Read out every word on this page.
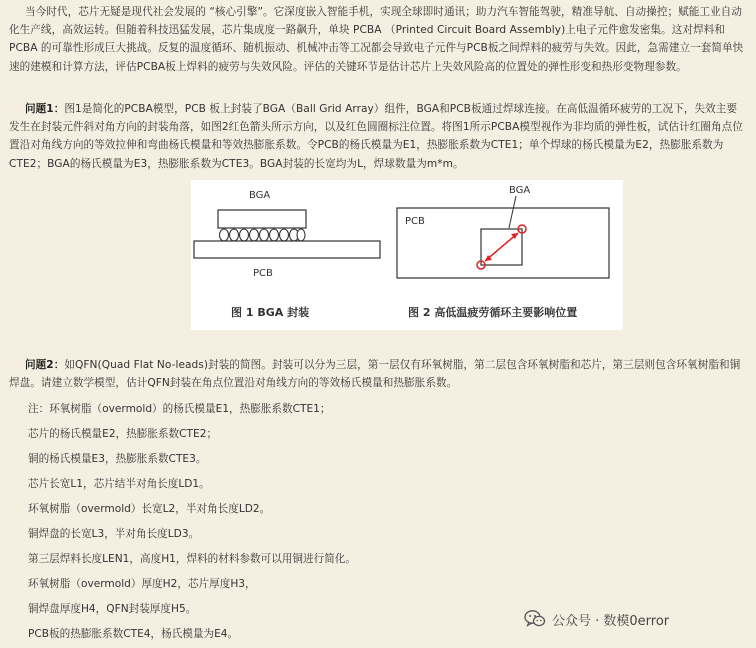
当今时代，芯片无疑是现代社会发展的 “核心引擎”。它深度嵌入智能手机，实现全球即时通讯；助力汽车智能驾驶，精准导航、自动操控；赋能工业自动化生产线，高效运转。但随着科技迅猛发展，芯片集成度一路飙升，单块 PCBA （Printed Circuit Board Assembly)上电子元件愈发密集。这对焊料和 PCBA 的可靠性形成巨大挑战。反复的温度循环、随机振动、机械冲击等工况都会导致电子元件与PCB板之间焊料的疲劳与失效。因此，急需建立一套简单快速的建模和计算方法，评估PCBA板上焊料的疲劳与失效风险。评估的关键环节是估计芯片上失效风险高的位置处的弹性形变和热形变物理参数。

问题1：图1是简化的PCBA模型，PCB 板上封装了BGA（Ball Grid Array）组件，BGA和PCB板通过焊球连接。在高低温循环疲劳的工况下，失效主要发生在封装元件斜对角方向的封装角落，如图2红色箭头所示方向，以及红色圆圈标注位置。将图1所示PCBA模型视作为非均质的弹性板，试估计红圈角点位置沿对角线方向的等效拉伸和弯曲杨氏模量和等效热膨胀系数。令PCB的杨氏模量为E1，热膨胀系数为CTE1；单个焊球的杨氏模量为E2，热膨胀系数为CTE2；BGA的杨氏模量为E3，热膨胀系数为CTE3。BGA封装的长宽均为L，焊球数量为m*m。

BGA
PCB
BGA
PCB
图 1 BGA 封装	图 2 高低温疲劳循环主要影响位置

问题2：如QFN(Quad Flat No-leads)封装的简图。封装可以分为三层，第一层仅有环氧树脂，第二层包含环氧树脂和芯片，第三层则包含环氧树脂和铜焊盘。请建立数学模型，估计QFN封装在角点位置沿对角线方向的等效杨氏模量和热膨胀系数。

注：环氧树脂（overmold）的杨氏模量E1，热膨胀系数CTE1；
芯片的杨氏模量E2，热膨胀系数CTE2；
铜的杨氏模量E3，热膨胀系数CTE3。
芯片长宽L1，芯片结半对角长度LD1。
环氧树脂（overmold）长宽L2，半对角长度LD2。
铜焊盘的长宽L3，半对角长度LD3。
第三层焊料长度LEN1，高度H1，焊料的材料参数可以用铜进行简化。
环氧树脂（overmold）厚度H2，芯片厚度H3，
铜焊盘厚度H4，QFN封装厚度H5。
PCB板的热膨胀系数CTE4，杨氏模量为E4。
公众号 · 数模0error
